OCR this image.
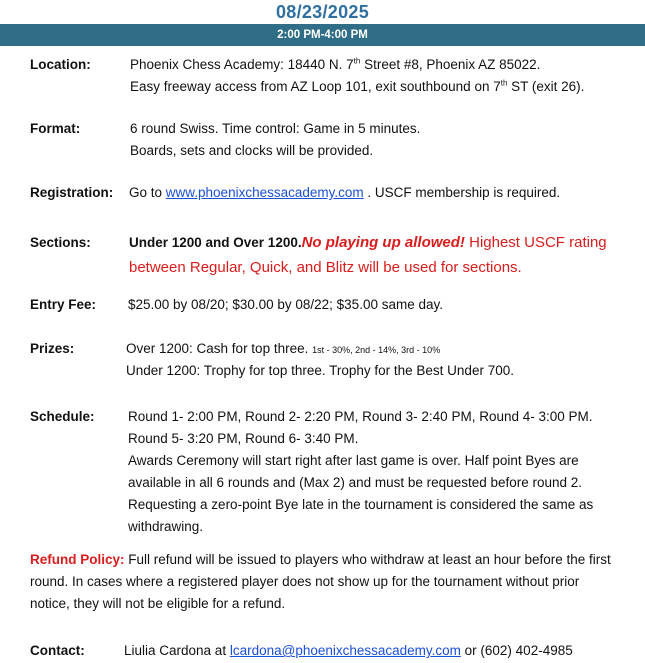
08/23/2025
2:00 PM-4:00 PM
Location:	Phoenix Chess Academy: 18440 N. 7th Street #8, Phoenix AZ 85022.
Easy freeway access from AZ Loop 101, exit southbound on 7th ST (exit 26).
Format:	6 round Swiss. Time control: Game in 5 minutes.
Boards, sets and clocks will be provided.
Registration: Go to www.phoenixchessacademy.com . USCF membership is required.
Sections:	Under 1200 and Over 1200.No playing up allowed! Highest USCF rating
between Regular, Quick, and Blitz will be used for sections.
Entry Fee: $25.00 by 08/20; $30.00 by 08/22; $35.00 same day.
Prizes:	Over 1200: Cash for top three. 1st - 30%, 2nd - 14%, 3rd - 10%
Under 1200: Trophy for top three. Trophy for the Best Under 700.
Schedule: Round 1- 2:00 PM, Round 2- 2:20 PM, Round 3- 2:40 PM, Round 4- 3:00 PM.
Round 5- 3:20 PM, Round 6- 3:40 PM.
Awards Ceremony will start right after last game is over. Half point Byes are
available in all 6 rounds and (Max 2) and must be requested before round 2.
Requesting a zero-point Bye late in the tournament is considered the same as
withdrawing.
Refund Policy: Full refund will be issued to players who withdraw at least an hour before the first
round. In cases where a registered player does not show up for the tournament without prior
notice, they will not be eligible for a refund.
Contact:	Liulia Cardona at lcardona@phoenixchessacademy.com or (602) 402-4985
